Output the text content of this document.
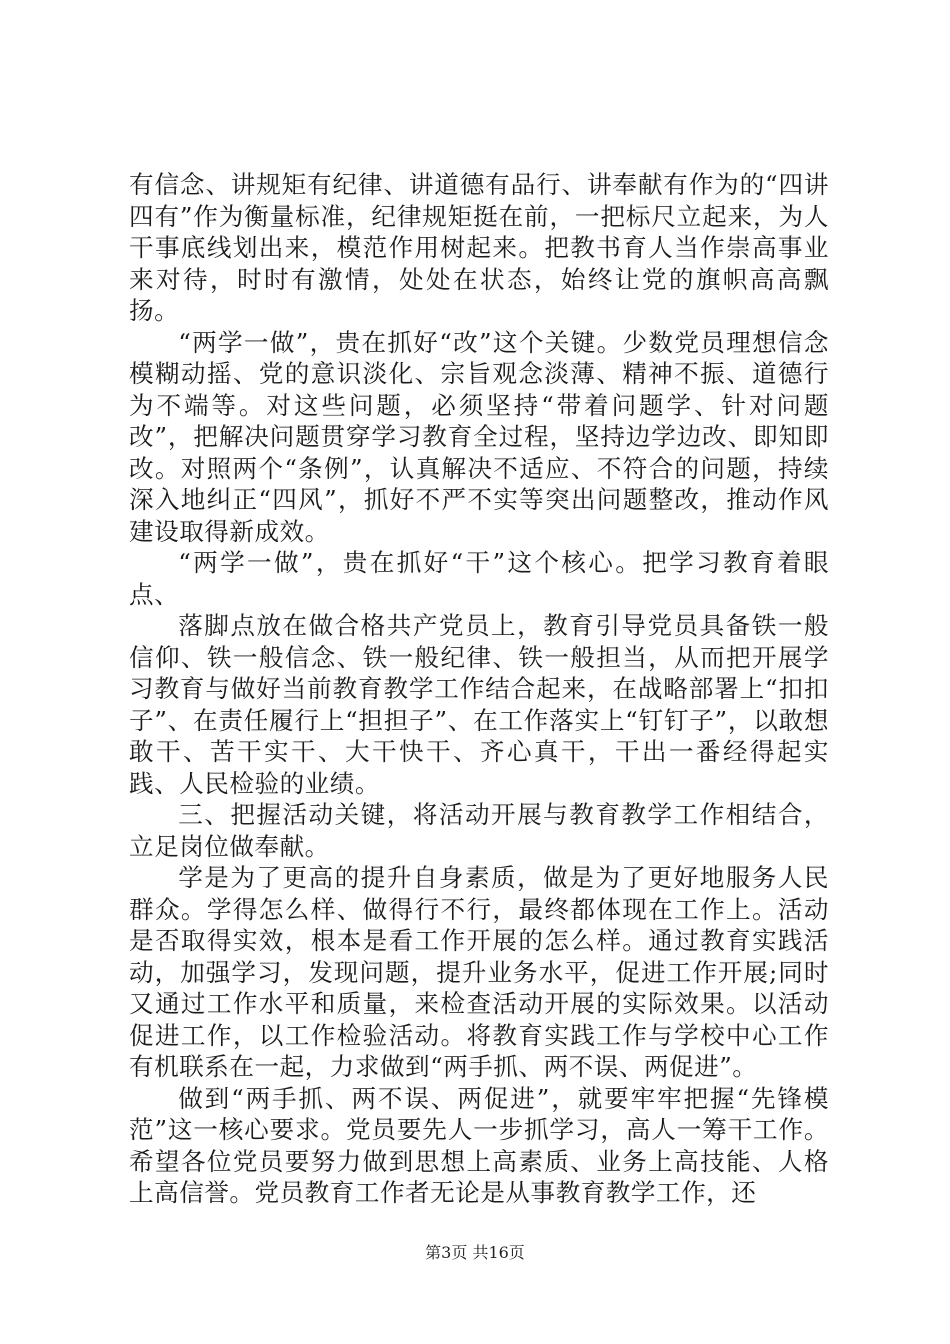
有信念、讲规矩有纪律、讲道德有品行、讲奉献有作为的“四讲四有”作为衡量标准，纪律规矩挺在前，一把标尺立起来，为人干事底线划出来，模范作用树起来。把教书育人当作崇高事业来对待，时时有激情，处处在状态，始终让党的旗帜高高飘扬。

“两学一做”，贵在抓好“改”这个关键。少数党员理想信念模糊动摇、党的意识淡化、宗旨观念淡薄、精神不振、道德行为不端等。对这些问题，必须坚持“带着问题学、针对问题改”，把解决问题贯穿学习教育全过程，坚持边学边改、即知即改。对照两个“条例”，认真解决不适应、不符合的问题，持续深入地纠正“四风”，抓好不严不实等突出问题整改，推动作风建设取得新成效。

“两学一做”，贵在抓好“干”这个核心。把学习教育着眼点、

落脚点放在做合格共产党员上，教育引导党员具备铁一般信仰、铁一般信念、铁一般纪律、铁一般担当，从而把开展学习教育与做好当前教育教学工作结合起来，在战略部署上“扣扣子”、在责任履行上“担担子”、在工作落实上“钉钉子”，以敢想敢干、苦干实干、大干快干、齐心真干，干出一番经得起实践、人民检验的业绩。

三、把握活动关键，将活动开展与教育教学工作相结合，立足岗位做奉献。

学是为了更高的提升自身素质，做是为了更好地服务人民群众。学得怎么样、做得行不行，最终都体现在工作上。活动是否取得实效，根本是看工作开展的怎么样。通过教育实践活动，加强学习，发现问题，提升业务水平，促进工作开展;同时又通过工作水平和质量，来检查活动开展的实际效果。以活动促进工作，以工作检验活动。将教育实践工作与学校中心工作有机联系在一起，力求做到“两手抓、两不误、两促进”。

做到“两手抓、两不误、两促进”，就要牢牢把握“先锋模范”这一核心要求。党员要先人一步抓学习，高人一筹干工作。希望各位党员要努力做到思想上高素质、业务上高技能、人格上高信誉。党员教育工作者无论是从事教育教学工作，还

第3页 共16页
